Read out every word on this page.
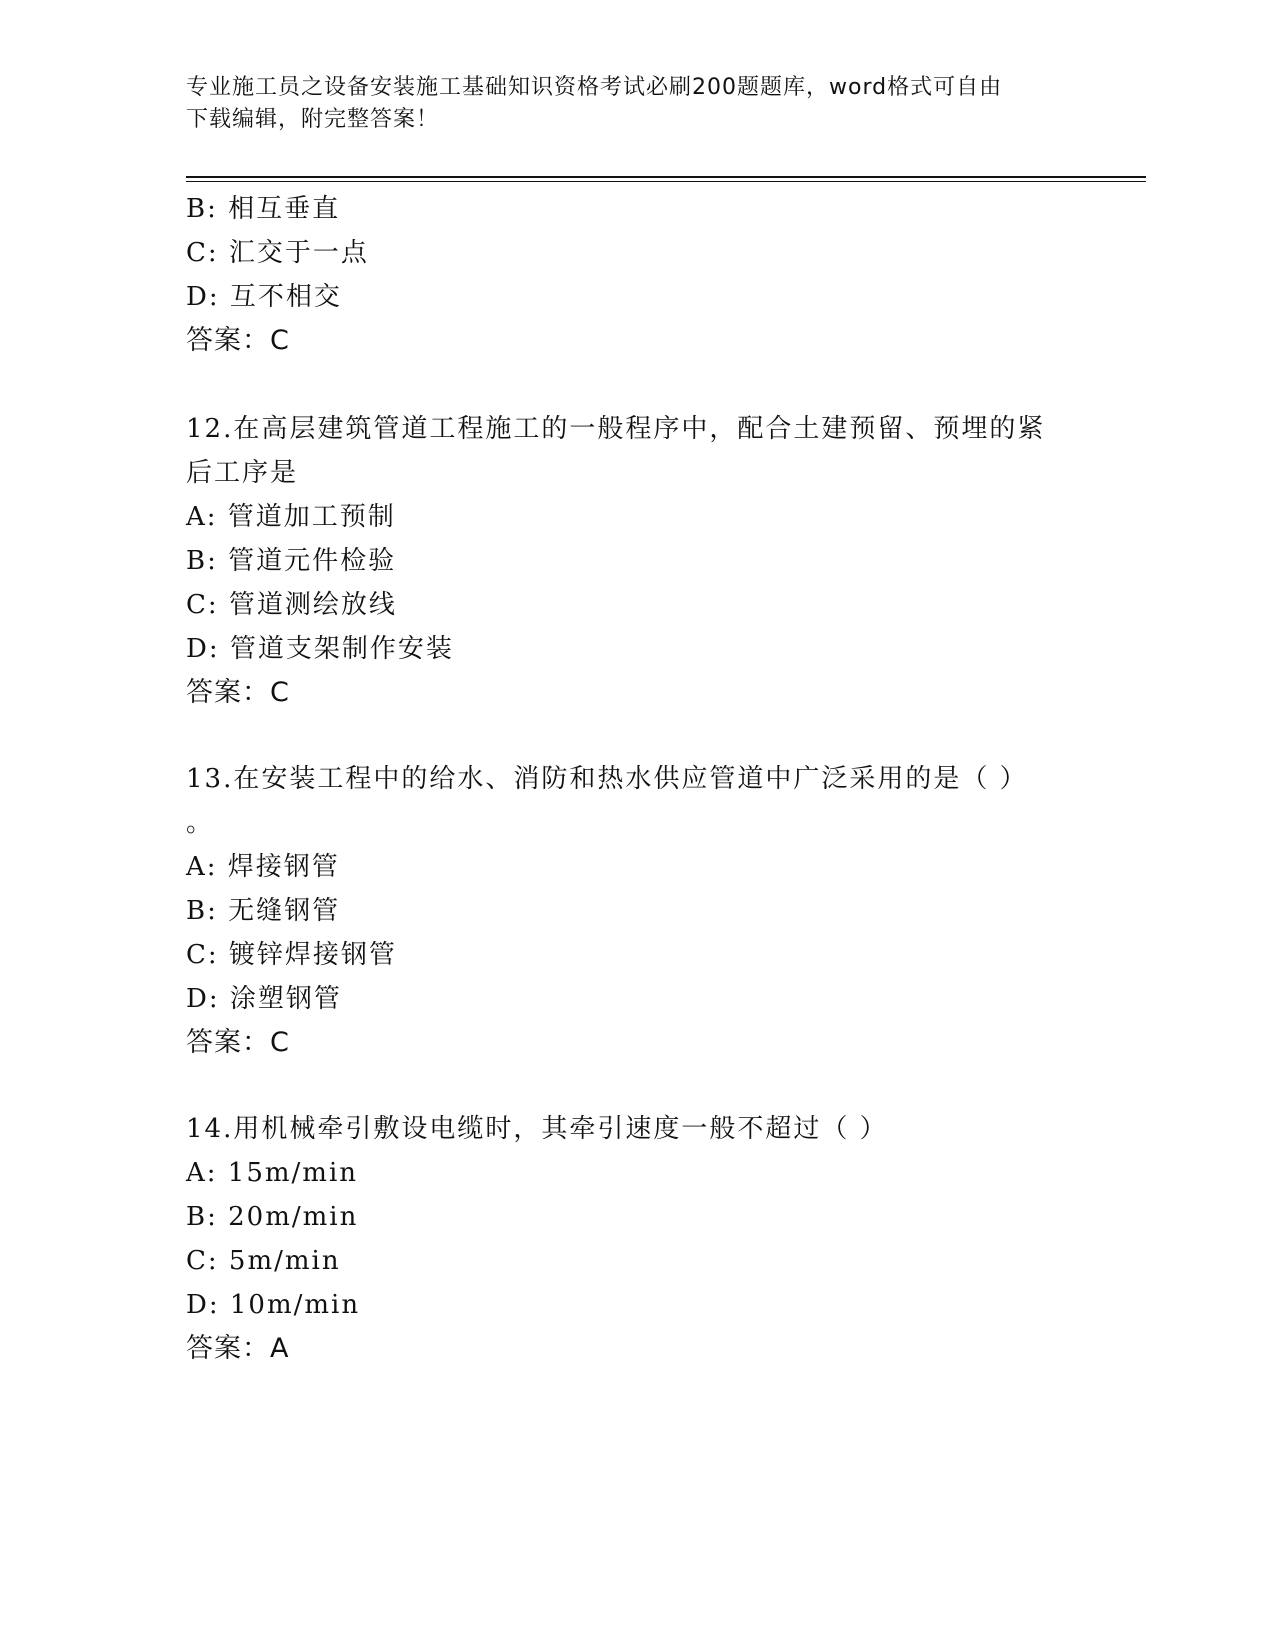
专业施工员之设备安装施工基础知识资格考试必刷200题题库，word格式可自由
下载编辑，附完整答案！
B: 相互垂直
C: 汇交于一点
D: 互不相交
答案：C
12.在高层建筑管道工程施工的一般程序中，配合土建预留、预埋的紧
后工序是
A: 管道加工预制
B: 管道元件检验
C: 管道测绘放线
D: 管道支架制作安装
答案：C
13.在安装工程中的给水、消防和热水供应管道中广泛采用的是（ ）
。
A: 焊接钢管
B: 无缝钢管
C: 镀锌焊接钢管
D: 涂塑钢管
答案：C
14.用机械牵引敷设电缆时，其牵引速度一般不超过（ ）
A: 15m/min
B: 20m/min
C: 5m/min
D: 10m/min
答案：A
